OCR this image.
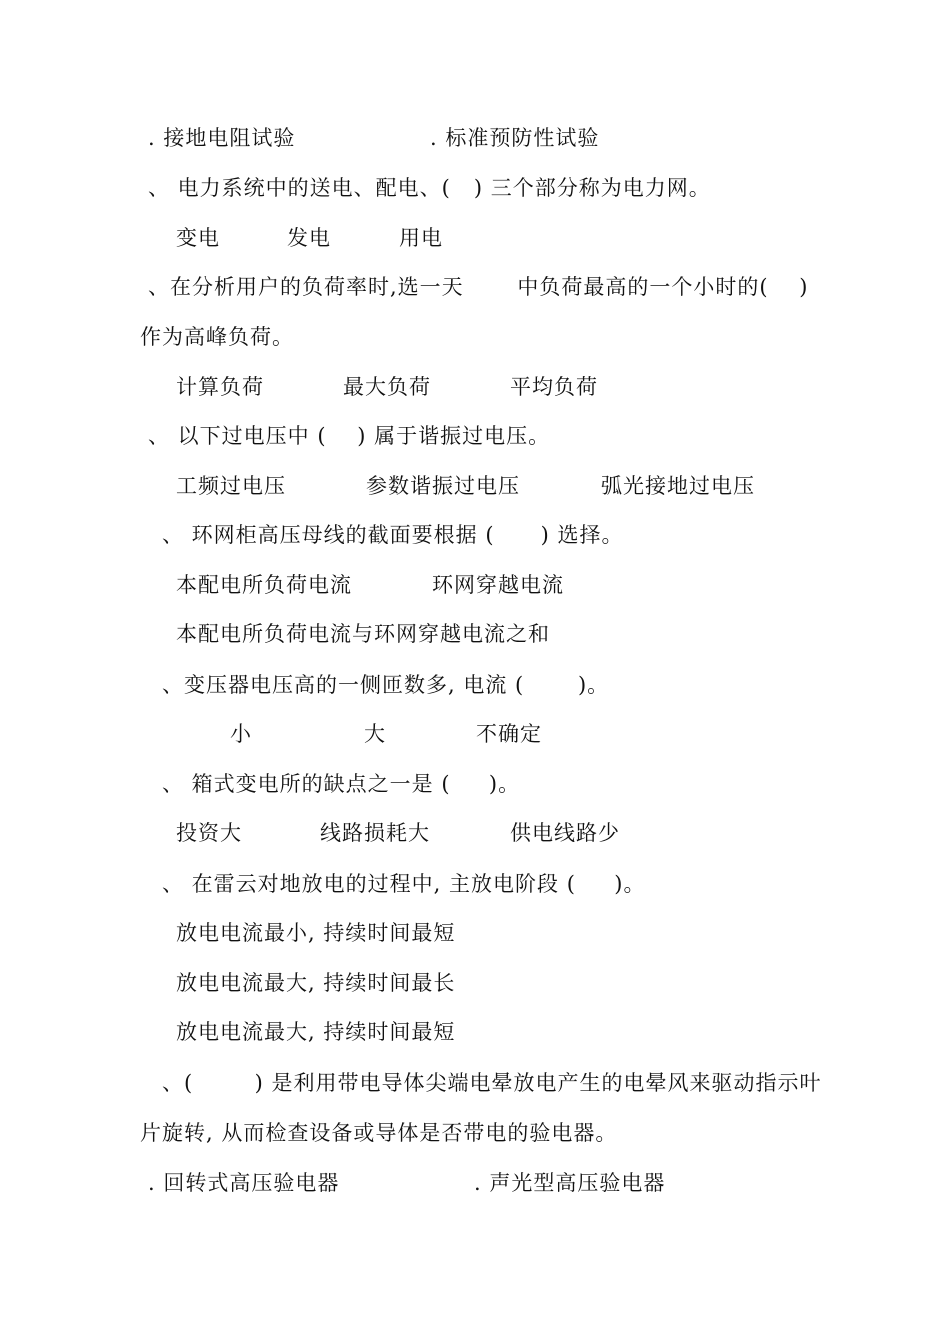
. 接地电阻试验	. 标准预防性试验
、 电力系统中的送电、配电、(   ) 三个部分称为电力网。
变电	发电	用电
、在分析用户的负荷率时,选一天       中负荷最高的一个小时的(    )
作为高峰负荷。
计算负荷	最大负荷	平均负荷
、 以下过电压中 (    ) 属于谐振过电压。
工频过电压	参数谐振过电压	弧光接地过电压
、 环网柜高压母线的截面要根据 (      ) 选择。
本配电所负荷电流	环网穿越电流
本配电所负荷电流与环网穿越电流之和
、变压器电压高的一侧匝数多, 电流 (       )。
小	大	不确定
、 箱式变电所的缺点之一是 (     )。
投资大	线路损耗大	供电线路少
、 在雷云对地放电的过程中, 主放电阶段 (     )。
放电电流最小, 持续时间最短
放电电流最大, 持续时间最长
放电电流最大, 持续时间最短
、(        ) 是利用带电导体尖端电晕放电产生的电晕风来驱动指示叶
片旋转, 从而检查设备或导体是否带电的验电器。
. 回转式高压验电器	. 声光型高压验电器
